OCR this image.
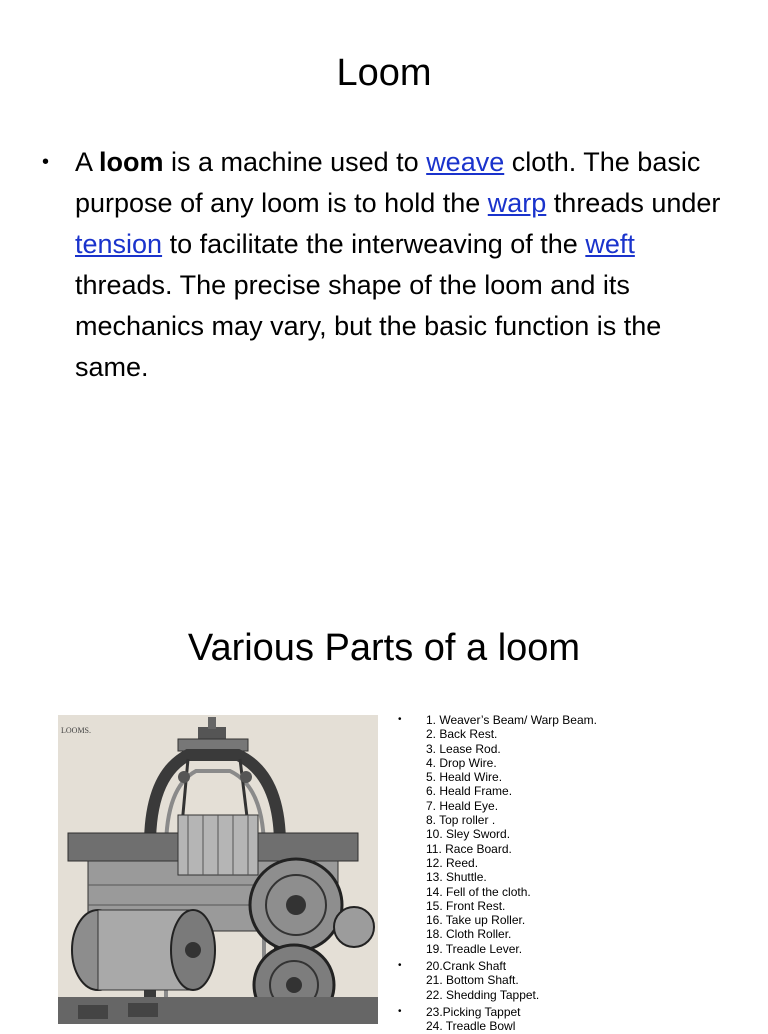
Loom
• A loom is a machine used to weave cloth. The basic purpose of any loom is to hold the warp threads under tension to facilitate the interweaving of the weft threads. The precise shape of the loom and its mechanics may vary, but the basic function is the same.
Various Parts of a loom
LOOMS.
• 1. Weaver’s Beam/ Warp Beam.
2. Back Rest.
3. Lease Rod.
4. Drop Wire.
5. Heald Wire.
6. Heald Frame.
7. Heald Eye.
8. Top roller .
10. Sley Sword.
11. Race Board.
12. Reed.
13. Shuttle.
14. Fell of the cloth.
15. Front Rest.
16. Take up Roller.
18. Cloth Roller.
19. Treadle Lever.
• 20.Crank Shaft
21. Bottom Shaft.
22. Shedding Tappet.
• 23.Picking Tappet
24. Treadle Bowl
